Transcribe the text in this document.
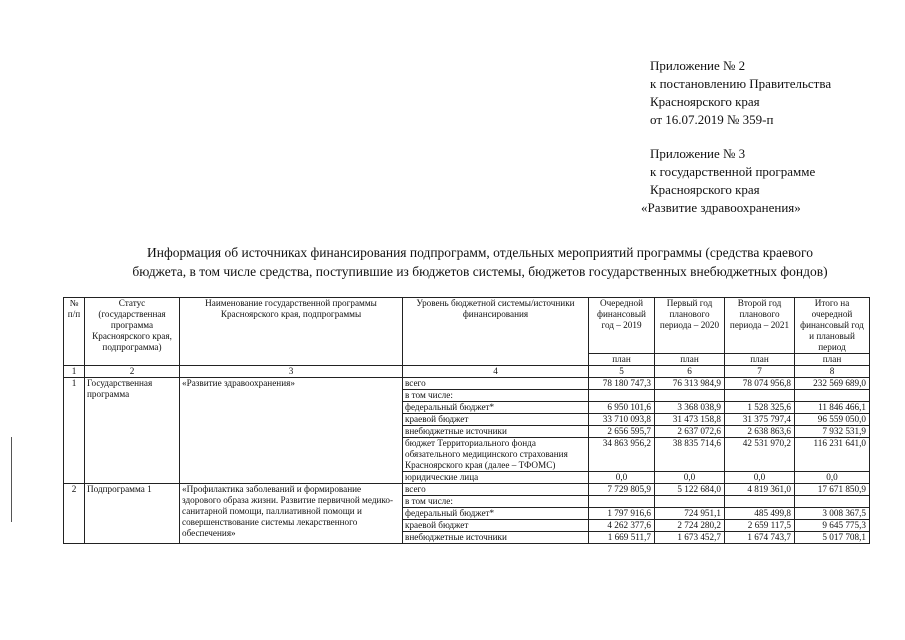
Приложение № 2
к постановлению Правительства
Красноярского края
от 16.07.2019 № 359-п
Приложение № 3
к государственной программе
Красноярского края
«Развитие здравоохранения»
Информация об источниках финансирования подпрограмм, отдельных мероприятий программы (средства краевого
бюджета, в том числе средства, поступившие из бюджетов системы, бюджетов государственных внебюджетных фондов)
№ п/п	Статус (государственная программа Красноярского края, подпрограмма)	Наименование государственной программы Красноярского края, подпрограммы	Уровень бюджетной системы/источники финансирования	Очередной финансовый год – 2019	Первый год планового периода – 2020	Второй год планового периода – 2021	Итого на очередной финансовый год и плановый период
				план	план	план	план
1	2	3	4	5	6	7	8
1	Государственная программа	«Развитие здравоохранения»	всего	78 180 747,3	76 313 984,9	78 074 956,8	232 569 689,0
			в том числе:				
			федеральный бюджет*	6 950 101,6	3 368 038,9	1 528 325,6	11 846 466,1
			краевой бюджет	33 710 093,8	31 473 158,8	31 375 797,4	96 559 050,0
			внебюджетные источники	2 656 595,7	2 637 072,6	2 638 863,6	7 932 531,9
			бюджет Территориального фонда обязательного медицинского страхования Красноярского края (далее – ТФОМС)	34 863 956,2	38 835 714,6	42 531 970,2	116 231 641,0
			юридические лица	0,0	0,0	0,0	0,0
2	Подпрограмма 1	«Профилактика заболеваний и формирование здорового образа жизни. Развитие первичной медико-санитарной помощи, паллиативной помощи и совершенствование системы лекарственного обеспечения»	всего	7 729 805,9	5 122 684,0	4 819 361,0	17 671 850,9
			в том числе:				
			федеральный бюджет*	1 797 916,6	724 951,1	485 499,8	3 008 367,5
			краевой бюджет	4 262 377,6	2 724 280,2	2 659 117,5	9 645 775,3
			внебюджетные источники	1 669 511,7	1 673 452,7	1 674 743,7	5 017 708,1
